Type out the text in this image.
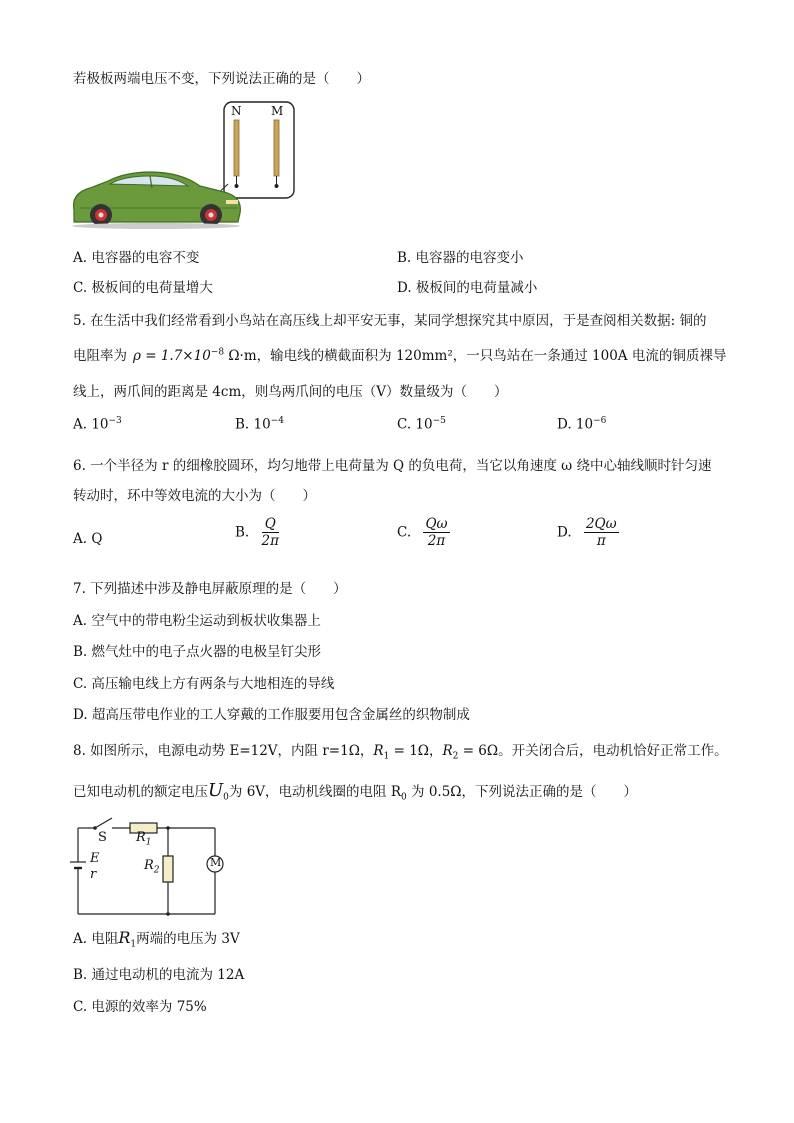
若极板两端电压不变，下列说法正确的是（　　）
N M
A. 电容器的电容不变	B. 电容器的电容变小
C. 极板间的电荷量增大	D. 极板间的电荷量减小
5. 在生活中我们经常看到小鸟站在高压线上却平安无事，某同学想探究其中原因，于是查阅相关数据: 铜的
电阻率为 $\rho = 1.7\times 10^{-8}$ Ω·m，输电线的横截面积为 120mm²，一只鸟站在一条通过 100A 电流的铜质裸导
线上，两爪间的距离是 4cm，则鸟两爪间的电压（V）数量级为（　　）
A. $10^{-3}$	B. $10^{-4}$	C. $10^{-5}$	D. $10^{-6}$
6. 一个半径为 r 的细橡胶圆环，均匀地带上电荷量为 Q 的负电荷，当它以角速度 ω 绕中心轴线顺时针匀速
转动时，环中等效电流的大小为（　　）
A. Q	B. $\frac{Q}{2\pi}$	C. $\frac{Q\omega}{2\pi}$	D. $\frac{2Q\omega}{\pi}$
7. 下列描述中涉及静电屏蔽原理的是（　　）
A. 空气中的带电粉尘运动到板状收集器上
B. 燃气灶中的电子点火器的电极呈钉尖形
C. 高压输电线上方有两条与大地相连的导线
D. 超高压带电作业的工人穿戴的工作服要用包含金属丝的织物制成
8. 如图所示，电源电动势 E=12V，内阻 r=1Ω，$R_1 = 1\Omega$，$R_2 = 6\Omega$。开关闭合后，电动机恰好正常工作。
已知电动机的额定电压$U_0$为 6V，电动机线圈的电阻 $R_0$ 为 0.5Ω，下列说法正确的是（　　）
S $R_1$
$R_2$
E
r
M
A. 电阻$R_1$两端的电压为 3V
B. 通过电动机的电流为 12A
C. 电源的效率为 75%
